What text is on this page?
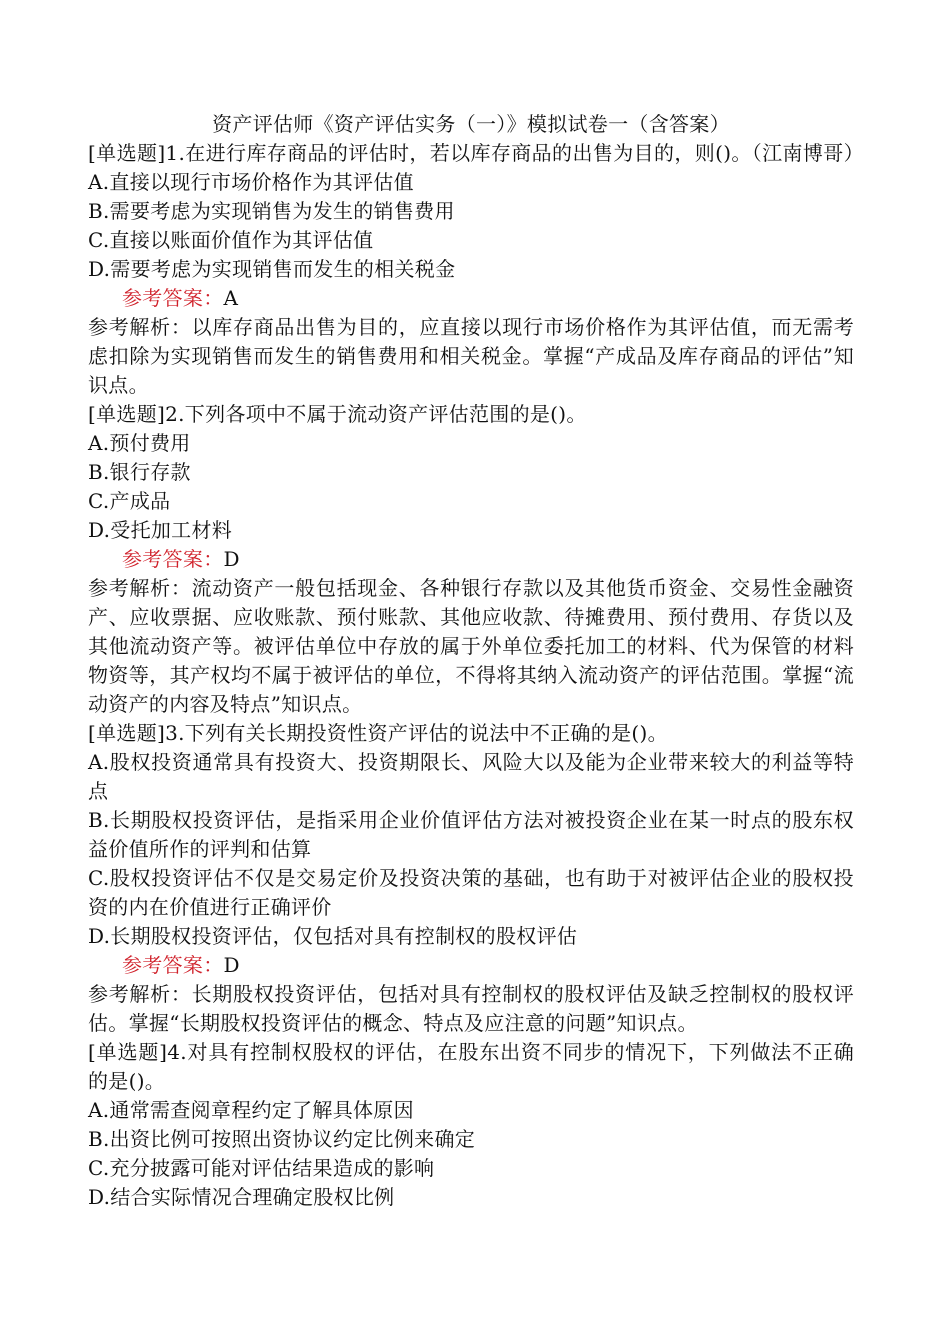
资产评估师《资产评估实务（一）》模拟试卷一（含答案）

[单选题]1.在进行库存商品的评估时，若以库存商品的出售为目的，则()。（江南博哥）A.直接以现行市场价格作为其评估值

B.需要考虑为实现销售为发生的销售费用

C.直接以账面价值作为其评估值

D.需要考虑为实现销售而发生的相关税金

参考答案：A

参考解析：以库存商品出售为目的，应直接以现行市场价格作为其评估值，而无需考虑扣除为实现销售而发生的销售费用和相关税金。掌握“产成品及库存商品的评估”知识点。

[单选题]2.下列各项中不属于流动资产评估范围的是()。

A.预付费用

B.银行存款

C.产成品

D.受托加工材料

参考答案：D

参考解析：流动资产一般包括现金、各种银行存款以及其他货币资金、交易性金融资产、应收票据、应收账款、预付账款、其他应收款、待摊费用、预付费用、存货以及其他流动资产等。被评估单位中存放的属于外单位委托加工的材料、代为保管的材料物资等，其产权均不属于被评估的单位，不得将其纳入流动资产的评估范围。掌握“流动资产的内容及特点”知识点。

[单选题]3.下列有关长期投资性资产评估的说法中不正确的是()。

A.股权投资通常具有投资大、投资期限长、风险大以及能为企业带来较大的利益等特点

B.长期股权投资评估，是指采用企业价值评估方法对被投资企业在某一时点的股东权益价值所作的评判和估算

C.股权投资评估不仅是交易定价及投资决策的基础，也有助于对被评估企业的股权投资的内在价值进行正确评价

D.长期股权投资评估，仅包括对具有控制权的股权评估

参考答案：D

参考解析：长期股权投资评估，包括对具有控制权的股权评估及缺乏控制权的股权评估。掌握“长期股权投资评估的概念、特点及应注意的问题”知识点。

[单选题]4.对具有控制权股权的评估，在股东出资不同步的情况下，下列做法不正确的是()。

A.通常需查阅章程约定了解具体原因

B.出资比例可按照出资协议约定比例来确定

C.充分披露可能对评估结果造成的影响

D.结合实际情况合理确定股权比例
